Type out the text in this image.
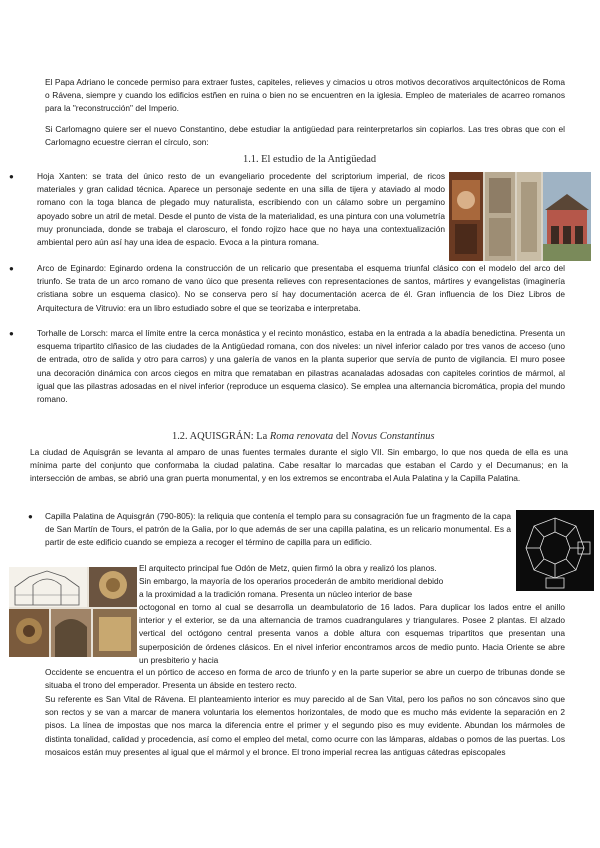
El Papa Adriano le concede permiso para extraer fustes, capiteles, relieves y cimacios u otros motivos decorativos arquitectónicos de Roma o Rávena, siempre y cuando los edificios estñen en ruina o bien no se encuentren en la iglesia. Empleo de materiales de acarreo romanos para la "reconstrucción" del Imperio.

Si Carlomagno quiere ser el nuevo Constantino, debe estudiar la antigüedad para reinterpretarlos sin copiarlos. Las tres obras que con el Carlomagno ecuestre cierran el círculo, son:

1.1. El estudio de la Antigüedad
●	Hoja Xanten: se trata del único resto de un evangeliario procedente del scriptorium imperial, de ricos materiales y gran calidad técnica. Aparece un personaje sedente en una silla de tijera y ataviado al modo romano con la toga blanca de plegado muy naturalista, escribiendo con un cálamo sobre un pergamino apoyado sobre un atril de metal. Desde el punto de vista de la materialidad, es una pintura con una volumetría muy pronunciada, donde se trabaja el claroscuro, el fondo rojizo hace que no haya una contextualización ambiental pero aún así hay una idea de espacio. Evoca a la pintura romana.

●	Arco de Eginardo: Eginardo ordena la construcción de un relicario que presentaba el esquema triunfal clásico con el modelo del arco del triunfo. Se trata de un arco romano de vano úico que presenta relieves con representaciones de santos, mártires y evangelistas (imaginería cristiana sobre un esquema clasico). No se conserva pero sí hay documentación acerca de él. Gran influencia de los Diez Libros de Arquitectura de Vitruvio: era un libro estudiado sobre el que se teorizaba e interpretaba.

●	Torhalle de Lorsch: marca el límite entre la cerca monástica y el recinto monástico, estaba en la entrada a la abadía benedictina. Presenta un esquema tripartito clñasico de las ciudades de la Antigüedad romana, con dos niveles: un nivel inferior calado por tres vanos de acceso (uno de entrada, otro de salida y otro para carros) y una galería de vanos en la planta superior que servía de punto de vigilancia. El muro posee una decoración dinámica con arcos ciegos en mitra que remataban en pilastras acanaladas adosadas con capiteles corintios de mármol, al igual que las pilastras adosadas en el nivel inferior (reproduce un esquema clasico). Se emplea una alternancia bicromática, propia del mundo romano.

1.2. AQUISGRÁN: La Roma renovata del Novus Constantinus

La ciudad de Aquisgrán se levanta al amparo de unas fuentes termales durante el siglo VII. Sin embargo, lo que nos queda de ella es una mínima parte del conjunto que conformaba la ciudad palatina. Cabe resaltar lo marcadas que estaban el Cardo y el Decumanus; en la intersección de ambas, se abrió una gran puerta monumental, y en los extremos se encontraba el Aula Palatina y la Capilla Palatina.

● Capilla Palatina de Aquisgrán (790-805): la reliquia que contenía el templo para su consagración fue un fragmento de la capa de San Martín de Tours, el patrón de la Galia, por lo que además de ser una capilla palatina, es un relicario monumental. Es a partir de este edificio cuando se empieza a recoger el término de capilla para un edificio.

El arquitecto principal fue Odón de Metz, quien firmó la obra y realizó los planos.

Sin embargo, la mayoría de los operarios procederán de ambito meridional debido

a la proximidad a la tradición romana. Presenta un núcleo interior de base

octogonal en torno al cual se desarrolla un deambulatorio de 16 lados. Para duplicar los lados entre el anillo interior y el exterior, se da una alternancia de tramos cuadrangulares y triangulares. Posee 2 plantas. El alzado vertical del octógono central presenta vanos a doble altura con esquemas tripartitos que presentan una superposición de órdenes clásicos. En el nivel inferior encontramos arcos de medio punto. Hacia Oriente se abre un presbiterio y hacia

Occidente se encuentra el un pórtico de acceso en forma de arco de triunfo y en la parte superior se abre un cuerpo de tribunas donde se situaba el trono del emperador. Presenta un ábside en testero recto.

Su referente es San Vital de Rávena. El planteamiento interior es muy parecido al de San Vital, pero los paños no son cóncavos sino que son rectos y se van a marcar de manera voluntaria los elementos horizontales, de modo que es mucho más evidente la separación en 2 pisos. La línea de impostas que nos marca la diferencia entre el primer y el segundo piso es muy evidente. Abundan los mármoles de distinta tonalidad, calidad y procedencia, así como el empleo del metal, como ocurre con las lámparas, aldabas o pomos de las puertas. Los mosaicos están muy presentes al igual que el mármol y el bronce. El trono imperial recrea las antiguas cátedras episcopales
